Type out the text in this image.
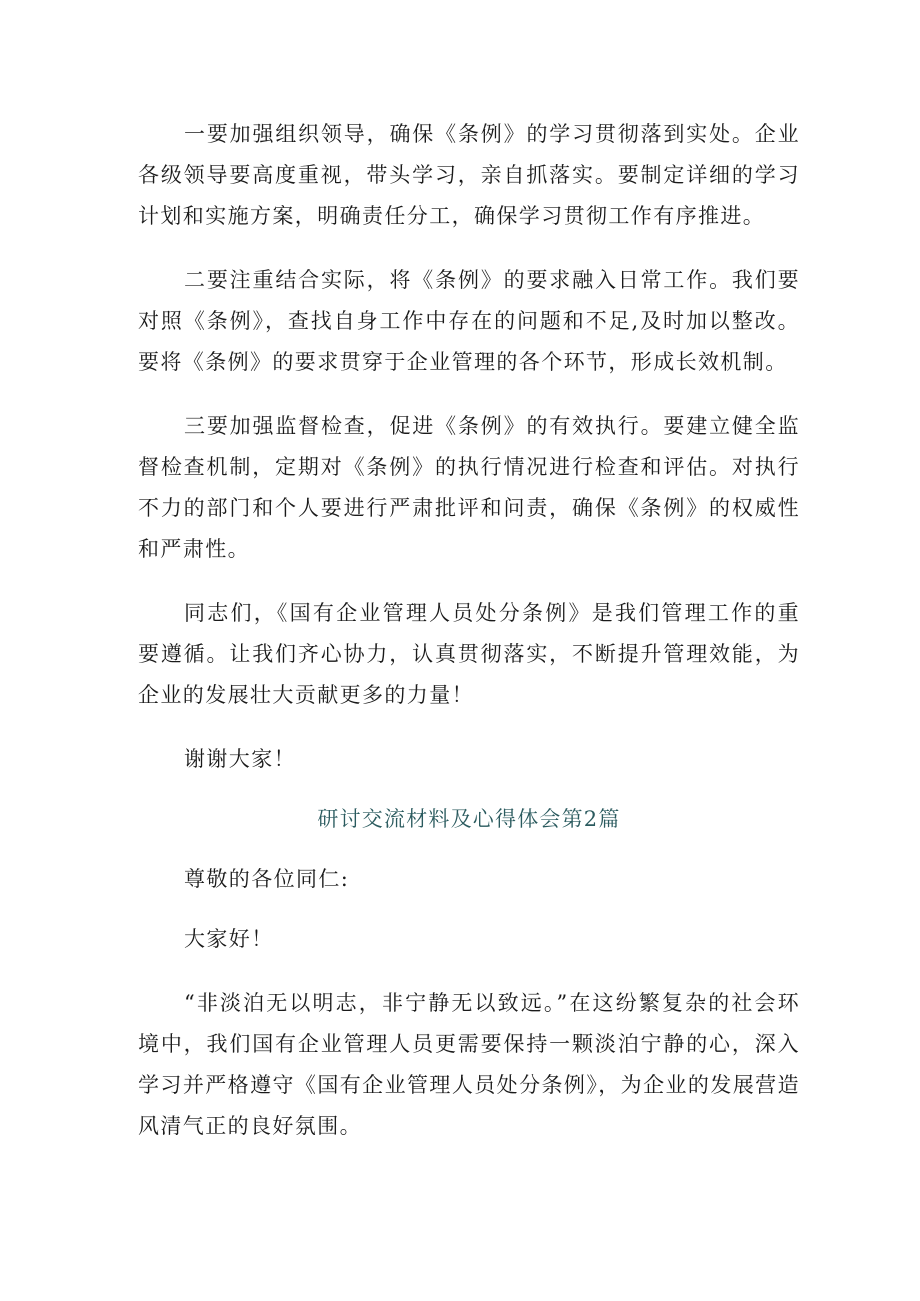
一要加强组织领导，确保《条例》的学习贯彻落到实处。企业各级领导要高度重视，带头学习，亲自抓落实。要制定详细的学习计划和实施方案，明确责任分工，确保学习贯彻工作有序推进。

二要注重结合实际，将《条例》的要求融入日常工作。我们要对照《条例》，查找自身工作中存在的问题和不足,及时加以整改。要将《条例》的要求贯穿于企业管理的各个环节，形成长效机制。

三要加强监督检查，促进《条例》的有效执行。要建立健全监督检查机制，定期对《条例》的执行情况进行检查和评估。对执行不力的部门和个人要进行严肃批评和问责，确保《条例》的权威性和严肃性。

同志们，《国有企业管理人员处分条例》是我们管理工作的重要遵循。让我们齐心协力，认真贯彻落实，不断提升管理效能，为企业的发展壮大贡献更多的力量！

谢谢大家！

研讨交流材料及心得体会第2篇

尊敬的各位同仁:

大家好！

“非淡泊无以明志，非宁静无以致远。”在这纷繁复杂的社会环境中，我们国有企业管理人员更需要保持一颗淡泊宁静的心，深入学习并严格遵守《国有企业管理人员处分条例》，为企业的发展营造风清气正的良好氛围。
